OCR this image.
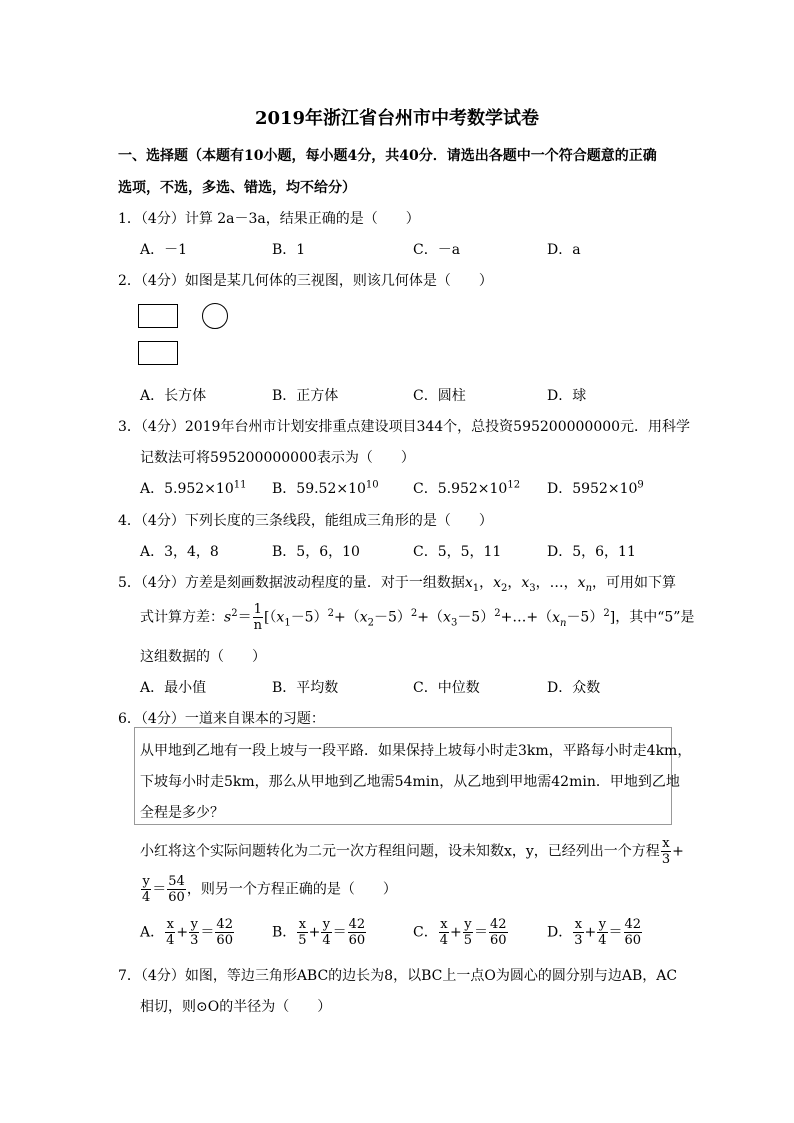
2019年浙江省台州市中考数学试卷
一、选择题（本题有10小题，每小题4分，共40分．请选出各题中一个符合题意的正确
选项，不选，多选、错选，均不给分）
1．（4分）计算 2a－3a，结果正确的是（　　）
A．－1	B．1	C．－a	D．a
2．（4分）如图是某几何体的三视图，则该几何体是（　　）
A．长方体	B．正方体	C．圆柱	D．球
3．（4分）2019年台州市计划安排重点建设项目344个，总投资595200000000元．用科学
记数法可将595200000000表示为（　　）
A．$5.952\times 10^{11}$ B．$59.52\times 10^{10}$ C．$5.952\times 10^{12}$ D．$5952\times 10^9$
4．（4分）下列长度的三条线段，能组成三角形的是（　　）
A．3，4，8	B．5，6，10	C．5，5，11	D．5，6，11
5．（4分）方差是刻画数据波动程度的量．对于一组数据$x_1$，$x_2$，$x_3$，…，$x_n$，可用如下算
式计算方差：$s^2= \frac{1}{n}$ $[(x_1-5)^2+(x_2-5)^2+(x_3-5)^2+\dots+(x_n-5)^2]$，其中“5”是
这组数据的（　　）
A．最小值	B．平均数	C．中位数	D．众数
6．（4分）一道来自课本的习题：
从甲地到乙地有一段上坡与一段平路．如果保持上坡每小时走3km，平路每小时走4km，
下坡每小时走5km，那么从甲地到乙地需54min，从乙地到甲地需42min．甲地到乙地
全程是多少？
小红将这个实际问题转化为二元一次方程组问题，设未知数x，y，已经列出一个方程 $\frac{x}{3}$ +
$\frac{y}{4} = \frac{54}{60}$ ，则另一个方程正确的是（　　）
A． $\frac{x}{4} + \frac{y}{3} = \frac{42}{60}$	B． $\frac{x}{5} + \frac{y}{4} = \frac{42}{60}$	C． $\frac{x}{4} + \frac{y}{5} = \frac{42}{60}$	D． $\frac{x}{3} + \frac{y}{4} = \frac{42}{60}$
7．（4分）如图，等边三角形ABC的边长为8，以BC上一点O为圆心的圆分别与边AB，AC
相切，则⊙O的半径为（　　）
